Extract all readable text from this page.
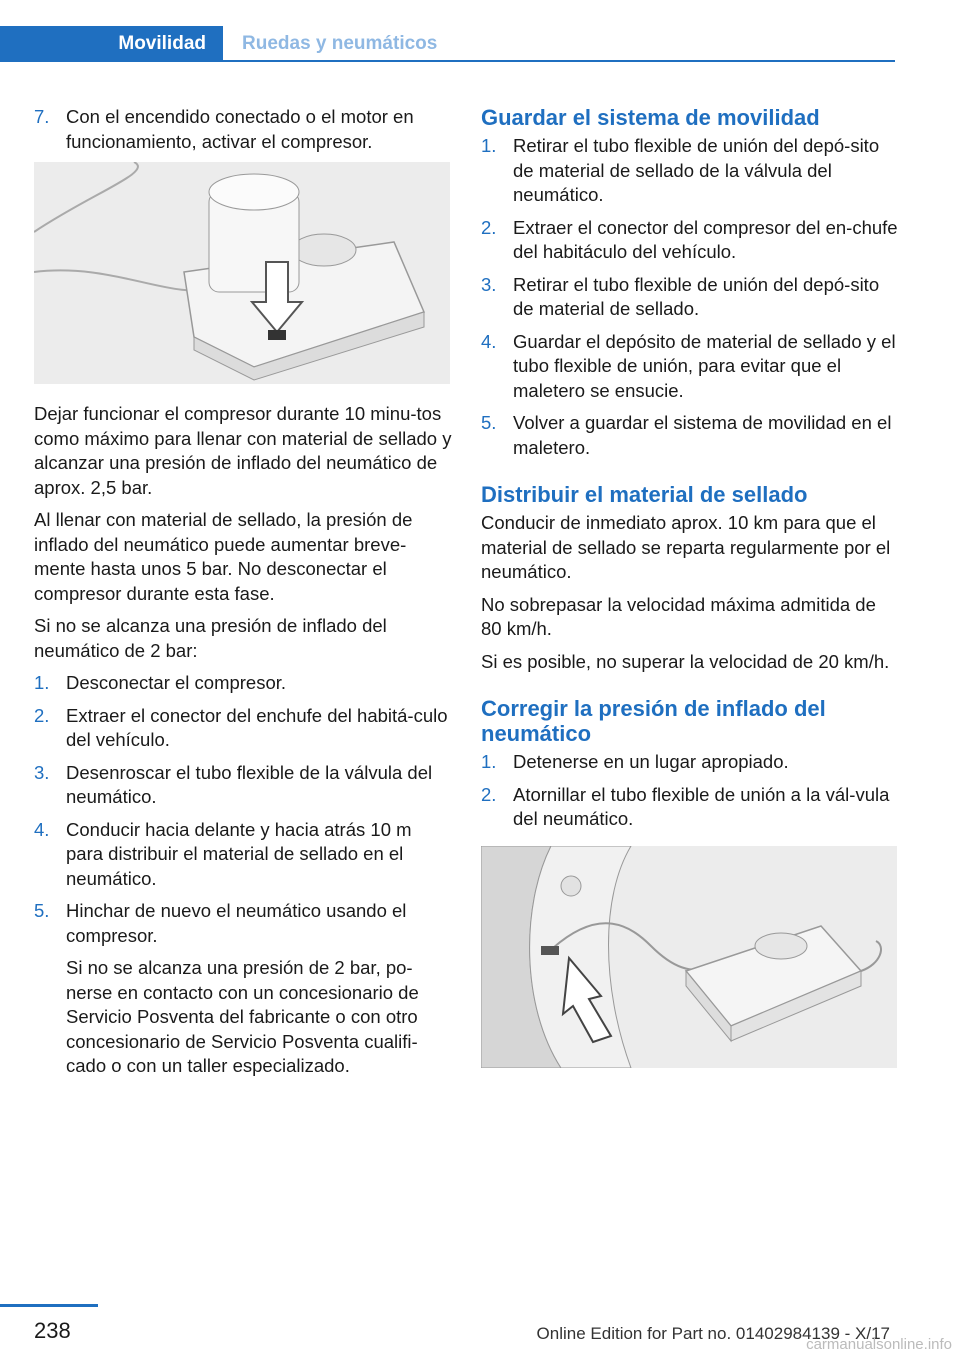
Movilidad	Ruedas y neumáticos
7. Con el encendido conectado o el motor en funcionamiento, activar el compresor.

Dejar funcionar el compresor durante 10 minu‐tos como máximo para llenar con material de sellado y alcanzar una presión de inflado del neumático de aprox. 2,5 bar.

Al llenar con material de sellado, la presión de inflado del neumático puede aumentar breve‐mente hasta unos 5 bar. No desconectar el compresor durante esta fase.

Si no se alcanza una presión de inflado del neumático de 2 bar:

1. Desconectar el compresor.
2. Extraer el conector del enchufe del habitá‐culo del vehículo.
3. Desenroscar el tubo flexible de la válvula del neumático.
4. Conducir hacia delante y hacia atrás 10 m para distribuir el material de sellado en el neumático.
5. Hinchar de nuevo el neumático usando el compresor.
Si no se alcanza una presión de 2 bar, po‐nerse en contacto con un concesionario de Servicio Posventa del fabricante o con otro concesionario de Servicio Posventa cualifi‐cado o con un taller especializado.
Guardar el sistema de movilidad
1. Retirar el tubo flexible de unión del depó‐sito de material de sellado de la válvula del neumático.
2. Extraer el conector del compresor del en‐chufe del habitáculo del vehículo.
3. Retirar el tubo flexible de unión del depó‐sito de material de sellado.
4. Guardar el depósito de material de sellado y el tubo flexible de unión, para evitar que el maletero se ensucie.
5. Volver a guardar el sistema de movilidad en el maletero.
Distribuir el material de sellado

Conducir de inmediato aprox. 10 km para que el material de sellado se reparta regularmente por el neumático.

No sobrepasar la velocidad máxima admitida de 80 km/h.

Si es posible, no superar la velocidad de 20 km/h.

Corregir la presión de inflado del neumático
1. Detenerse en un lugar apropiado.
2. Atornillar el tubo flexible de unión a la vál‐vula del neumático.
238	Online Edition for Part no. 01402984139 - X/17
carmanualsonline.info
